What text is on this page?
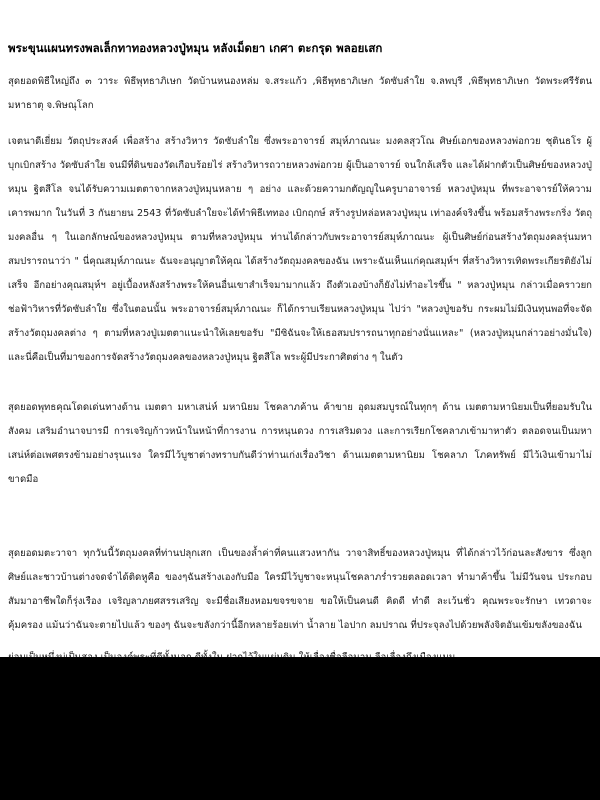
พระขุนแผนทรงพลเล็กทาทองหลวงปู่หมุน หลังเม็ดยา เกศา ตะกรุด พลอยเสก

สุดยอดพิธีใหญ่ถึง ๓ วาระ พิธีพุทธาภิเษก วัดบ้านหนองหล่ม จ.สระแก้ว ,พิธีพุทธาภิเษก วัดซับลำใย จ.ลพบุรี ,พิธีพุทธาภิเษก วัดพระศรีรัตนมหาธาตุ จ.พิษณุโลก

เจตนาดีเยี่ยม วัตถุประสงค์ เพื่อสร้าง สร้างวิหาร วัดซับลำใย ซึ่งพระอาจารย์ สมุห์ภาณนะ มงคลสุวโณ ศิษย์เอกของหลวงพ่อกวย ชุตินธโร ผู้บุกเบิกสร้าง วัดซับลำใย จนมีที่ดินของวัดเกือบร้อยไร่ สร้างวิหารถวายหลวงพ่อกวย ผู้เป็นอาจารย์ จนใกล้เสร็จ และได้ฝากตัวเป็นศิษย์ของหลวงปู่หมุน ฐิตสีโล จนได้รับความเมตตาจากหลวงปู่หมุนหลาย ๆ อย่าง และด้วยความกตัญญูในครูบาอาจารย์ หลวงปู่หมุน ที่พระอาจารย์ให้ความเคารพมาก ในวันที่ 3 กันยายน 2543 ที่วัดซับลำใยจะได้ทำพิธีเททอง เบิกฤกษ์ สร้างรูปหล่อหลวงปู่หมุน เท่าองค์จริงขึ้น พร้อมสร้างพระกริ่ง วัตถุมงคลอื่น ๆ ในเอกลักษณ์ของหลวงปู่หมุน ตามที่หลวงปู่หมุน ท่านได้กล่าวกับพระอาจารย์สมุห์ภาณนะ ผู้เป็นศิษย์ก่อนสร้างวัตถุมงคลรุ่นมหาสมปรารถนาว่า " นี่คุณสมุห์ภาณนะ ฉันจะอนุญาตให้คุณ ได้สร้างวัตถุมงคลของฉัน เพราะฉันเห็นแก่คุณสมุห์ฯ ที่สร้างวิหารเทิดพระเกียรติยังไม่เสร็จ อีกอย่างคุณสมุห์ฯ อยู่เบื้องหลังสร้างพระให้คนอื่นเขาสำเร็จมามากแล้ว ถึงตัวเองบ้างก็ยังไม่ทำอะไรขึ้น " หลวงปู่หมุน กล่าวเมื่อคราวยกช่อฟ้าวิหารที่วัดซับลำใย ซึ่งในตอนนั้น พระอาจารย์สมุห์ภาณนะ ก็ได้กราบเรียนหลวงปู่หมุน ไปว่า "หลวงปู่ขอรับ กระผมไม่มีเงินทุนพอที่จะจัดสร้างวัตถุมงคลต่าง ๆ ตามที่หลวงปู่เมตตาแนะนำให้เลยขอรับ "มีซิฉันจะให้เธอสมปรารถนาทุกอย่างนั่นแหละ" (หลวงปู่หมุนกล่าวอย่างมั่นใจ) และนี่คือเป็นที่มาของการจัดสร้างวัตถุมงคลของหลวงปู่หมุน ฐิตสีโล พระผู้มีประกาศิตต่าง ๆ ในตัว

สุดยอดพุทธคุณโดดเด่นทางด้าน เมตตา มหาเสน่ห์ มหานิยม โชคลาภค้าน ค้าขาย อุดมสมบูรณ์ในทุกๆ ด้าน เมตตามหานิยมเป็นที่ยอมรับในสังคม เสริมอำนาจบารมี การเจริญก้าวหน้าในหน้าที่การงาน การหนุนดวง การเสริมดวง และการเรียกโชคลาภเข้ามาหาตัว ตลอดจนเป็นมหาเสน่ห์ต่อเพศตรงข้ามอย่างรุนแรง ใครมีไว้บูชาต่างทราบกันดีว่าท่านเก่งเรื่องวิชา ด้านเมตตามหานิยม โชคลาภ โภคทรัพย์ มีไว้เงินเข้ามาไม่ขาดมือ

สุดยอดมตะวาจา ทุกวันนี้วัตถุมงคลที่ท่านปลุกเสก เป็นของล้ำค่าที่คนแสวงหากัน วาจาสิทธิ์ของหลวงปู่หมุน ที่ได้กล่าวไว้ก่อนละสังขาร ซึ่งลูกศิษย์และชาวบ้านต่างจดจำได้ติดหูคือ ของๆฉันสร้างเองกับมือ ใครมีไว้บูชาจะหนุนโชคลาภร่ำรวยตลอดเวลา ทำมาค้าขึ้น ไม่มีวันจน ประกอบสัมมาอาชีพใดก็รุ่งเรือง เจริญลาภยศสรรเสริญ จะมีชื่อเสียงหอมขจรขจาย ขอให้เป็นคนดี คิดดี ทำดี ละเว้นชั่ว คุณพระจะรักษา เทวดาจะคุ้มครอง แม้นว่าฉันจะตายไปแล้ว ของๆ ฉันจะขลังกว่านี้อีกหลายร้อยเท่า น้ำลาย ไอปาก ลมปราณ ที่ประจุลงไปด้วยพลังจิตอันเข้มขลังของฉัน
